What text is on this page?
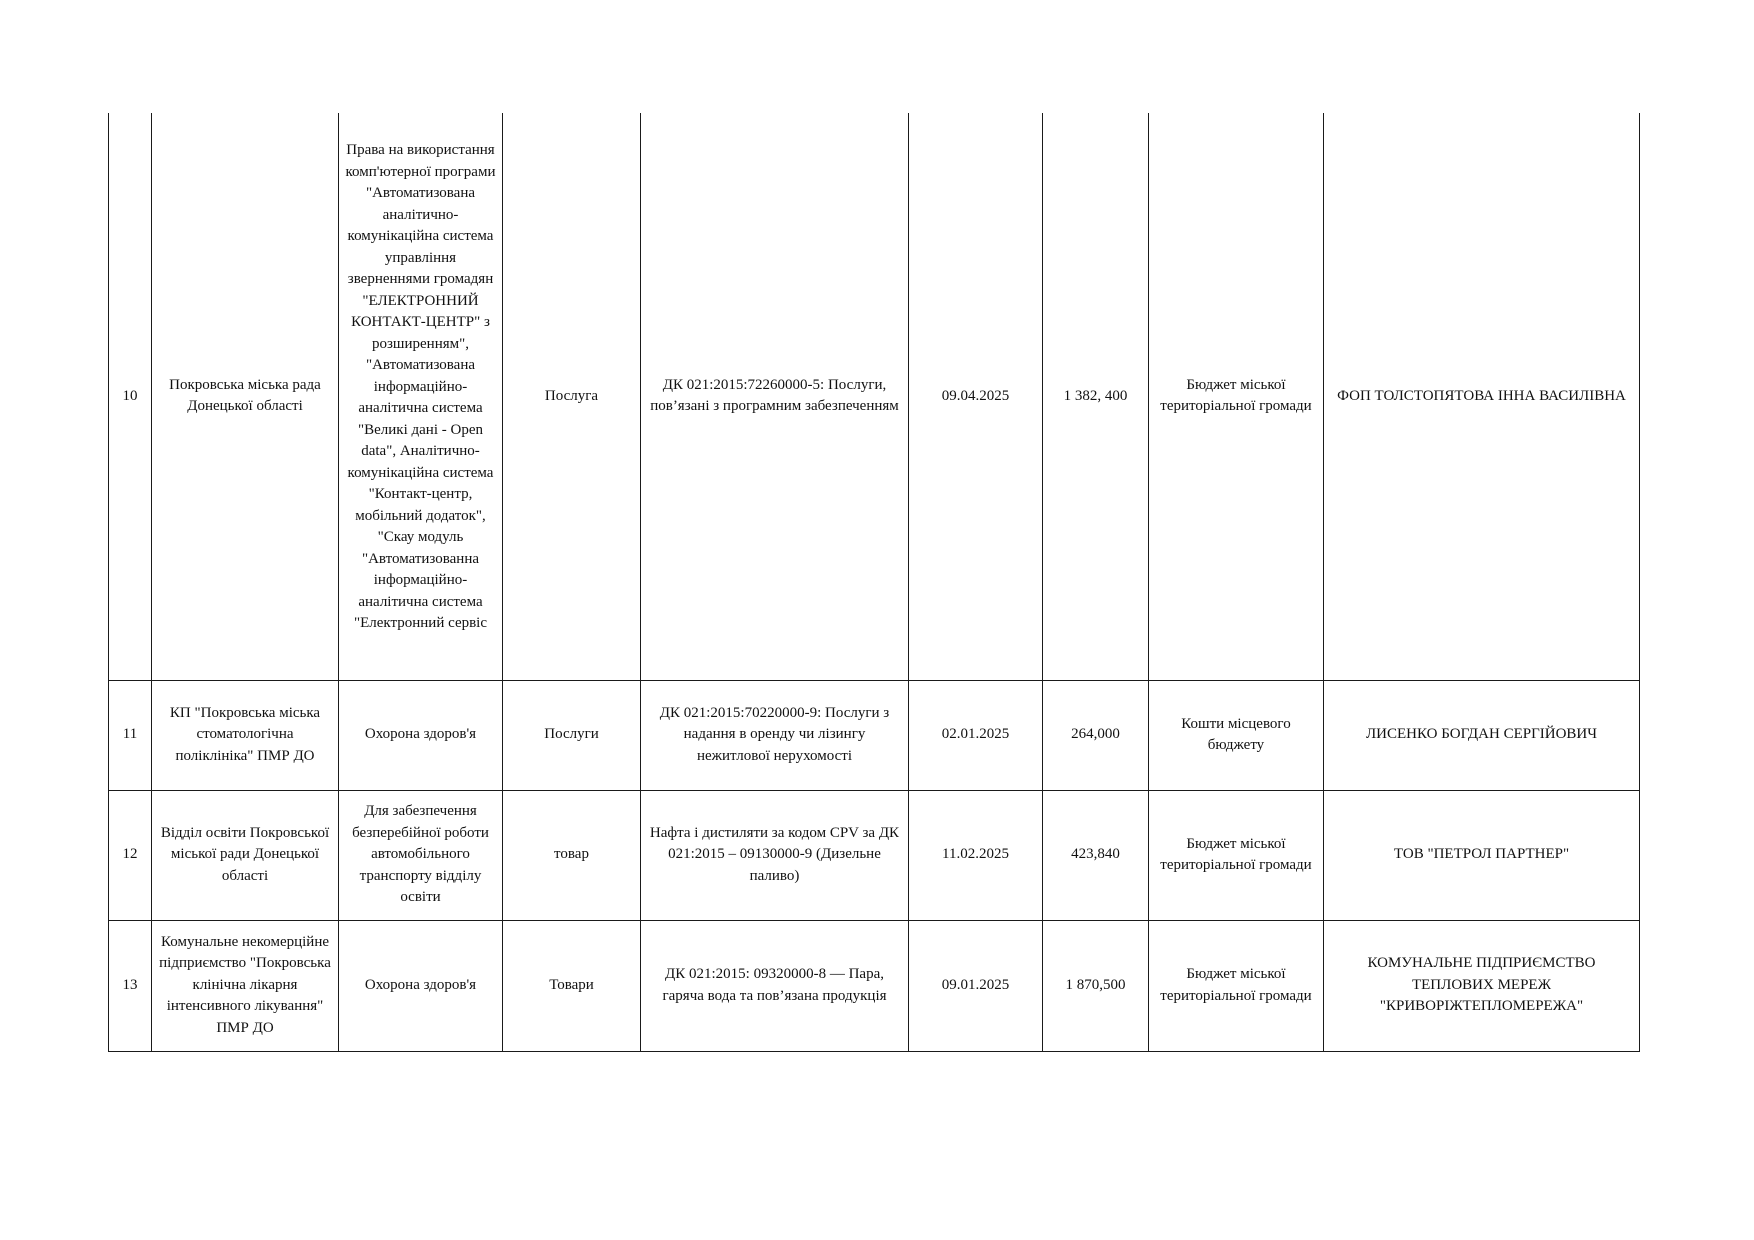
10	Покровська міська рада Донецької області	Права на використання комп'ютерної програми "Автоматизована аналітично-комунікаційна система управління зверненнями громадян "ЕЛЕКТРОННИЙ КОНТАКТ-ЦЕНТР" з розширенням", "Автоматизована інформаційно-аналітична система "Великі дані - Open data", Аналітично-комунікаційна система "Контакт-центр, мобільний додаток", "Скау модуль "Автоматизованна інформаційно-аналітична система "Електронний сервіс	Послуга	ДК 021:2015:72260000-5: Послуги, пов’язані з програмним забезпеченням	09.04.2025	1 382, 400	Бюджет міської територіальної громади	ФОП ТОЛСТОПЯТОВА ІННА ВАСИЛІВНА
11	КП "Покровська міська стоматологічна поліклініка" ПМР ДО	Охорона здоров'я	Послуги	ДК 021:2015:70220000-9: Послуги з надання в оренду чи лізингу нежитлової нерухомості	02.01.2025	264,000	Кошти місцевого бюджету	ЛИСЕНКО БОГДАН СЕРГІЙОВИЧ
12	Відділ освіти Покровської міської ради Донецької області	Для забезпечення безперебійної роботи автомобільного транспорту відділу освіти	товар	Нафта і дистиляти за кодом CPV за ДК 021:2015 – 09130000-9 (Дизельне паливо)	11.02.2025	423,840	Бюджет міської територіальної громади	ТОВ "ПЕТРОЛ ПАРТНЕР"
13	Комунальне некомерційне підприємство "Покровська клінічна лікарня інтенсивного лікування" ПМР ДО	Охорона здоров'я	Товари	ДК 021:2015: 09320000-8 — Пара, гаряча вода та пов’язана продукція	09.01.2025	1 870,500	Бюджет міської територіальної громади	КОМУНАЛЬНЕ ПІДПРИЄМСТВО ТЕПЛОВИХ МЕРЕЖ "КРИВОРІЖТЕПЛОМЕРЕЖА"
